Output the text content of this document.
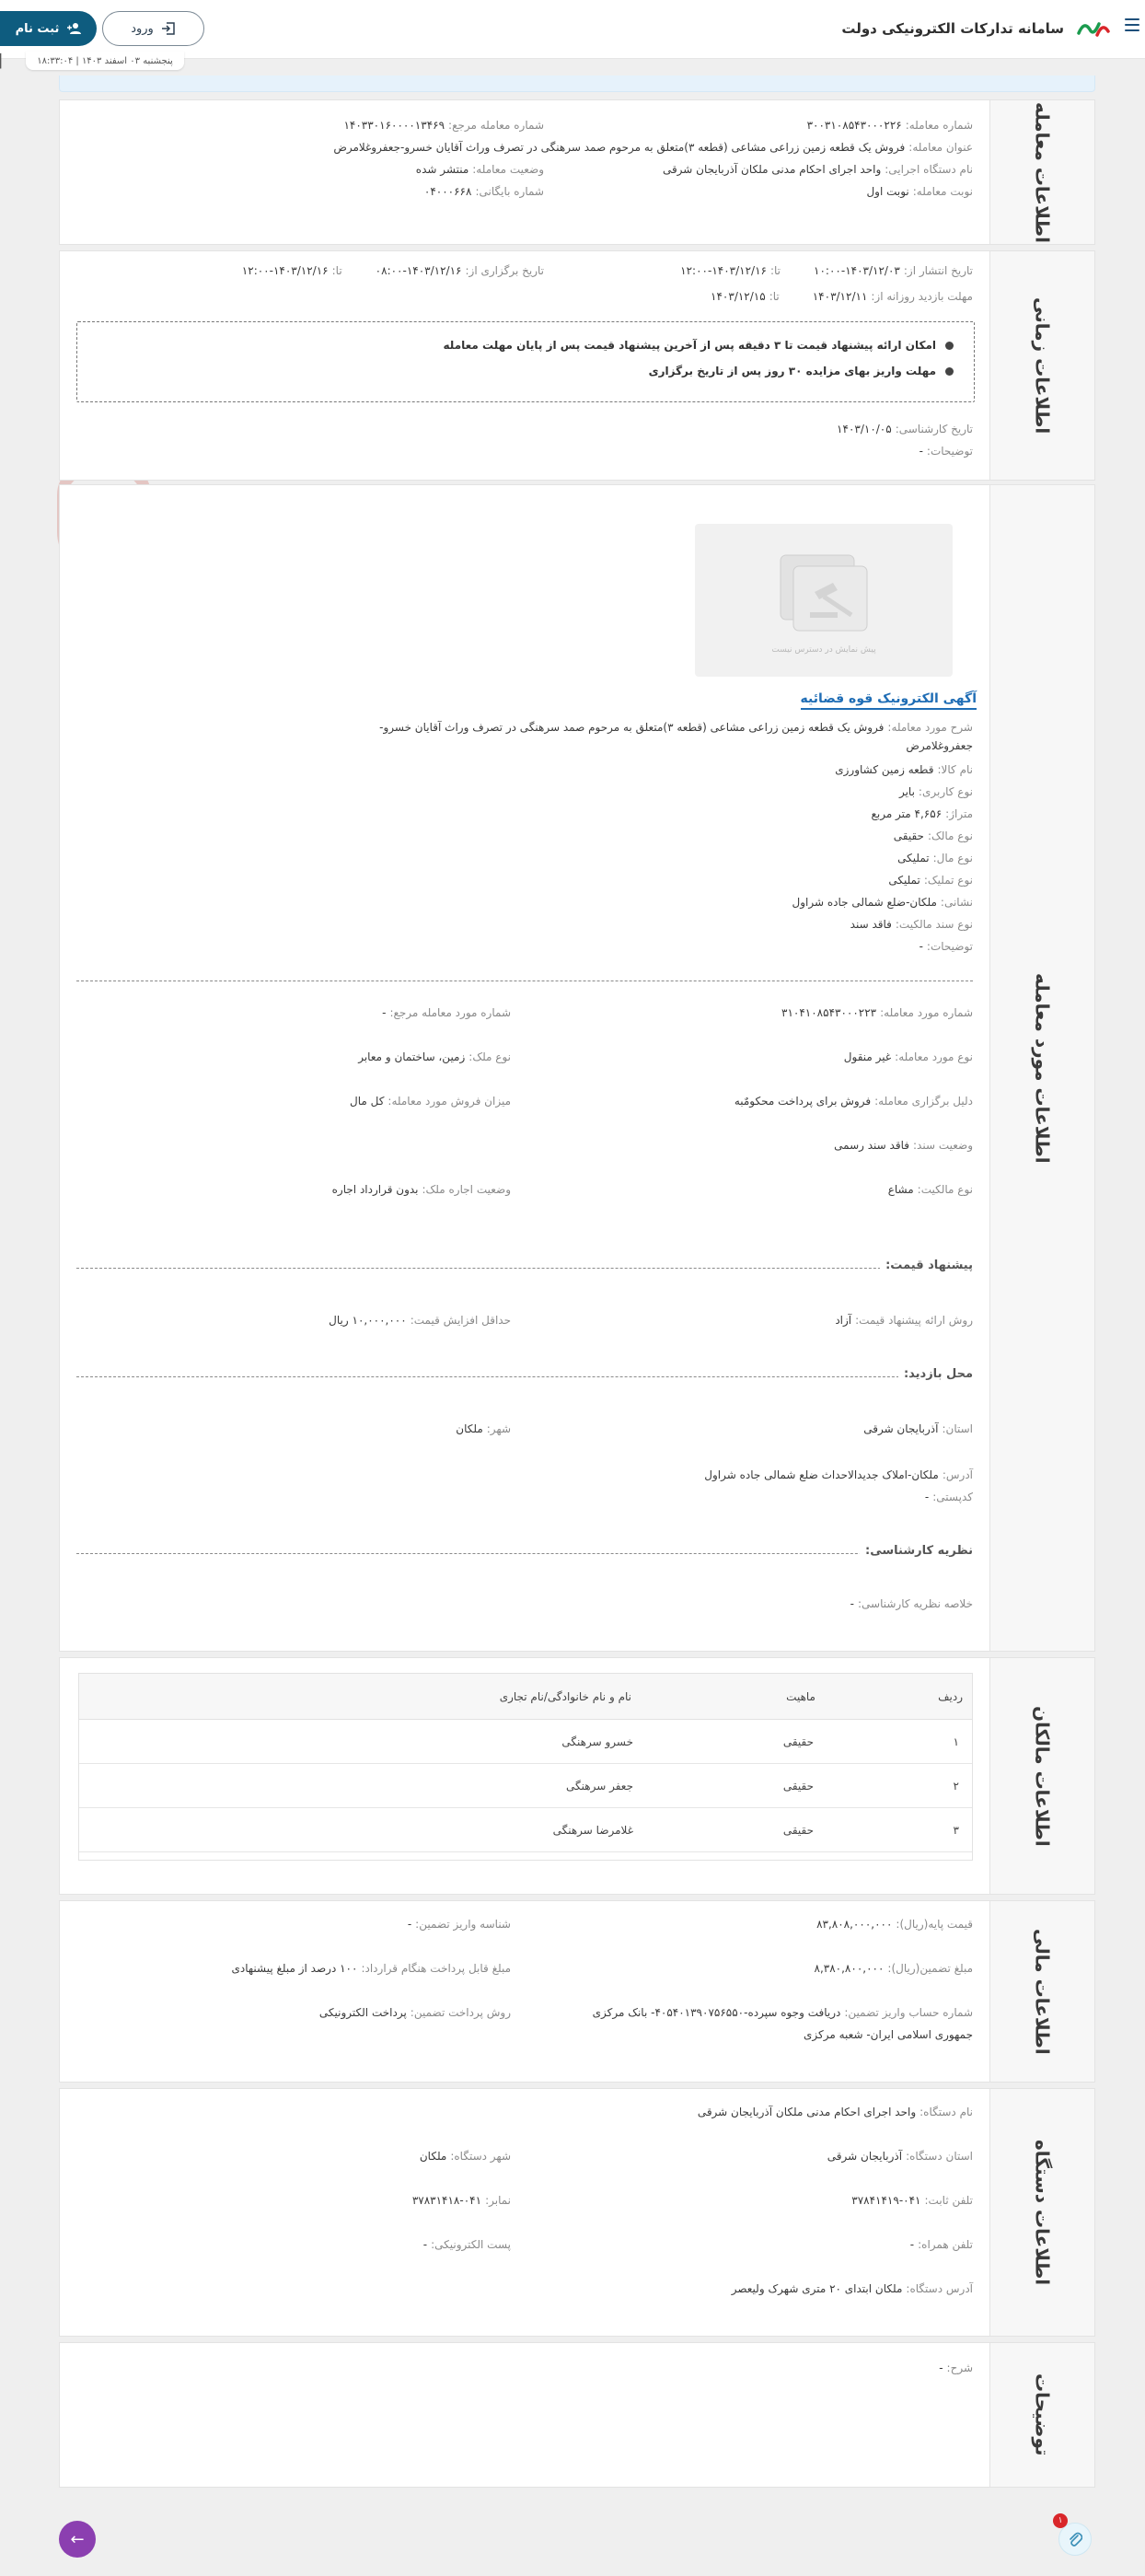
سامانه تدارکات الکترونیکی دولت
ورود
ثبت نام
پنجشنبه ۰۳ اسفند ۱۴۰۳ | ۱۸:۳۳:۰۴
▏
اطلاعات معامله
شماره معامله:۳۰۰۳۱۰۸۵۴۳۰۰۰۲۲۶
شماره معامله مرجع:۱۴۰۳۳۰۱۶۰۰۰۰۱۳۴۶۹
عنوان معامله:فروش یک قطعه زمین زراعی مشاعی (قطعه ۳)متعلق به مرحوم صمد سرهنگی در تصرف وراث آقایان خسرو-جعفروغلامرض
نام دستگاه اجرایی:واحد اجرای احکام مدنی ملکان آذربایجان شرقی
وضعیت معامله:منتشر شده
نوبت معامله:نوبت اول
شماره بایگانی:۰۴۰۰۰۶۶۸
اطلاعات زمانی
تاریخ انتشار از:۱۴۰۳/۱۲/۰۳-۱۰:۰۰تا:۱۴۰۳/۱۲/۱۶-۱۲:۰۰
تاریخ برگزاری از:۱۴۰۳/۱۲/۱۶-۰۸:۰۰تا:۱۴۰۳/۱۲/۱۶-۱۲:۰۰
مهلت بازدید روزانه از:۱۴۰۳/۱۲/۱۱تا:۱۴۰۳/۱۲/۱۵
امکان ارائه پیشنهاد قیمت تا ۳ دقیقه پس از آخرین پیشنهاد قیمت پس از پایان مهلت معامله
مهلت واریز بهای مزایده ۳۰ روز پس از تاریخ برگزاری
تاریخ کارشناسی:۱۴۰۳/۱۰/۰۵
توضیحات:-
اطلاعات مورد معامله
پیش نمایش در دسترس نیست
آگهی الکترونیک قوه قضائیه
شرح مورد معامله:فروش یک قطعه زمین زراعی مشاعی (قطعه ۳)متعلق به مرحوم صمد سرهنگی در تصرف وراث آقایان خسرو-
جعفروغلامرض
نام کالا:قطعه زمین کشاورزی
نوع کاربری:بایر
متراژ:۴,۶۵۶ متر مربع
نوع مالک:حقیقی
نوع مال:تملیکی
نوع تملیک:تملیکی
نشانی:ملکان-ضلع شمالی جاده شراول
نوع سند مالکیت:فاقد سند
توضیحات:-
شماره مورد معامله:۳۱۰۴۱۰۸۵۴۳۰۰۰۲۲۳
شماره مورد معامله مرجع:-
نوع مورد معامله:غیر منقول
نوع ملک:زمین، ساختمان و معابر
دلیل برگزاری معامله:فروش برای پرداخت محکومٌبه
میزان فروش مورد معامله:کل مال
وضعیت سند:فاقد سند رسمی
نوع مالکیت:مشاع
وضعیت اجاره ملک:بدون قرارداد اجاره
پیشنهاد قیمت:
روش ارائه پیشنهاد قیمت:آزاد
حداقل افزایش قیمت:۱۰,۰۰۰,۰۰۰ ریال
محل بازدید:
استان:آذربایجان شرقی
شهر:ملکان
آدرس:ملکان-املاک جدیدالاحداث ضلع شمالی جاده شراول
کدپستی:-
نظریه کارشناسی:
خلاصه نظریه کارشناسی:-
اطلاعات مالکان
ردیف
ماهیت
نام و نام خانوادگی/نام تجاری
۱
حقیقی
خسرو سرهنگی
۲
حقیقی
جعفر سرهنگی
۳
حقیقی
غلامرضا سرهنگی
اطلاعات مالی
قیمت پایه(ریال):۸۳,۸۰۸,۰۰۰,۰۰۰
شناسه واریز تضمین:-
مبلغ تضمین(ریال):۸,۳۸۰,۸۰۰,۰۰۰
مبلغ قابل پرداخت هنگام قرارداد:۱۰۰ درصد از مبلغ پیشنهادی
شماره حساب واریز تضمین:دریافت وجوه سپرده-۴۰۵۴۰۱۳۹۰۷۵۶۵۵۰- بانک مرکزی
جمهوری اسلامی ایران- شعبه مرکزی
روش پرداخت تضمین:پرداخت الکترونیکی
اطلاعات دستگاه
نام دستگاه:واحد اجرای احکام مدنی ملکان آذربایجان شرقی
استان دستگاه:آذربایجان شرقی
شهر دستگاه:ملکان
تلفن ثابت:۰۴۱-۳۷۸۴۱۴۱۹
نمابر:۰۴۱-۳۷۸۳۱۴۱۸
تلفن همراه:-
پست الکترونیکی:-
آدرس دستگاه:ملکان ابتدای ۲۰ متری شهرک ولیعصر
توضیحات
شرح:-
←
۱
